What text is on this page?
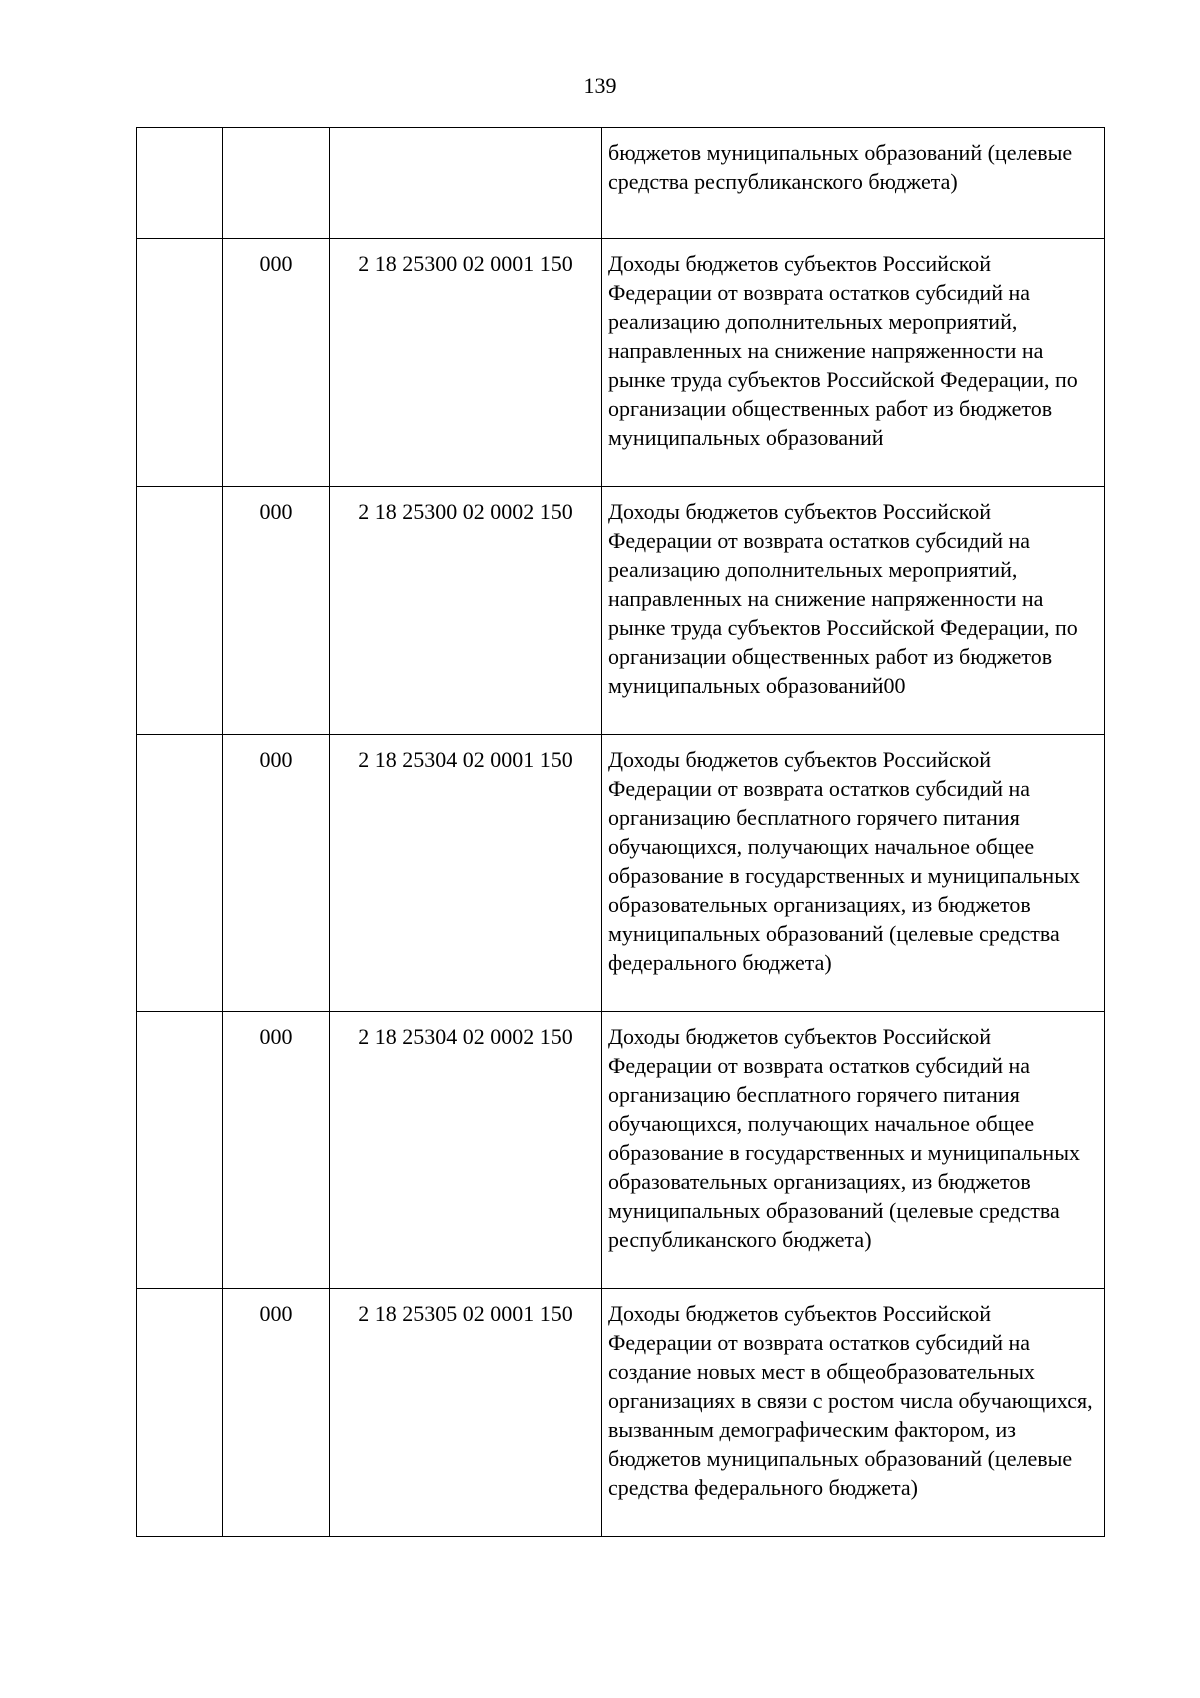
139
			бюджетов муниципальных образований (целевые средства республиканского бюджета)
	000	2 18 25300 02 0001 150	Доходы бюджетов субъектов Российской Федерации от возврата остатков субсидий на реализацию дополнительных мероприятий, направленных на снижение напряженности на рынке труда субъектов Российской Федерации, по организации общественных работ из бюджетов муниципальных образований
	000	2 18 25300 02 0002 150	Доходы бюджетов субъектов Российской Федерации от возврата остатков субсидий на реализацию дополнительных мероприятий, направленных на снижение напряженности на рынке труда субъектов Российской Федерации, по организации общественных работ из бюджетов муниципальных образований00
	000	2 18 25304 02 0001 150	Доходы бюджетов субъектов Российской Федерации от возврата остатков субсидий на организацию бесплатного горячего питания обучающихся, получающих начальное общее образование в государственных и муниципальных образовательных организациях, из бюджетов муниципальных образований (целевые средства федерального бюджета)
	000	2 18 25304 02 0002 150	Доходы бюджетов субъектов Российской Федерации от возврата остатков субсидий на организацию бесплатного горячего питания обучающихся, получающих начальное общее образование в государственных и муниципальных образовательных организациях, из бюджетов муниципальных образований (целевые средства республиканского бюджета)
	000	2 18 25305 02 0001 150	Доходы бюджетов субъектов Российской Федерации от возврата остатков субсидий на создание новых мест в общеобразовательных организациях в связи с ростом числа обучающихся, вызванным демографическим фактором, из бюджетов муниципальных образований (целевые средства федерального бюджета)
